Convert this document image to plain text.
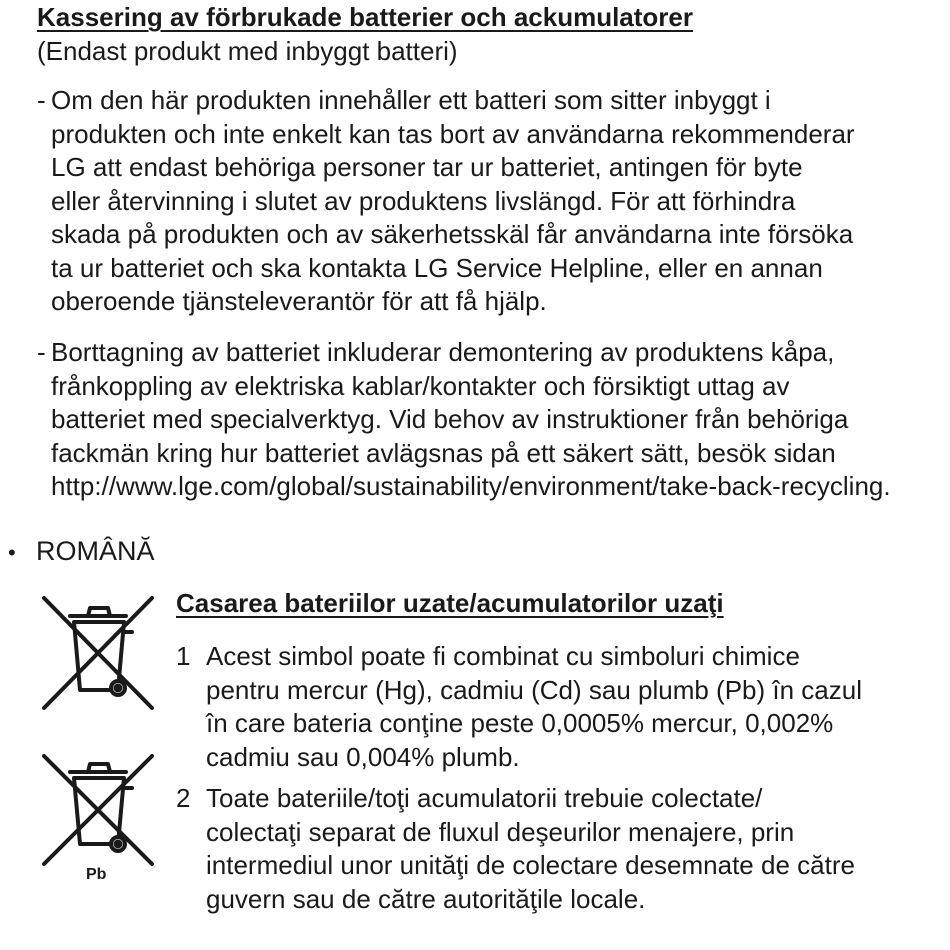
Kassering av förbrukade batterier och ackumulatorer
(Endast produkt med inbyggt batteri)
- Om den här produkten innehåller ett batteri som sitter inbyggt i
produkten och inte enkelt kan tas bort av användarna rekommenderar
LG att endast behöriga personer tar ur batteriet, antingen för byte
eller återvinning i slutet av produktens livslängd. För att förhindra
skada på produkten och av säkerhetsskäl får användarna inte försöka
ta ur batteriet och ska kontakta LG Service Helpline, eller en annan
oberoende tjänsteleverantör för att få hjälp.
- Borttagning av batteriet inkluderar demontering av produktens kåpa,
frånkoppling av elektriska kablar/kontakter och försiktigt uttag av
batteriet med specialverktyg. Vid behov av instruktioner från behöriga
fackmän kring hur batteriet avlägsnas på ett säkert sätt, besök sidan
http://www.lge.com/global/sustainability/environment/take-back-recycling.
• ROMÂNĂ
Pb
Casarea bateriilor uzate/acumulatorilor uzaţi
1 Acest simbol poate fi combinat cu simboluri chimice
pentru mercur (Hg), cadmiu (Cd) sau plumb (Pb) în cazul
în care bateria conţine peste 0,0005% mercur, 0,002%
cadmiu sau 0,004% plumb.
2 Toate bateriile/toţi acumulatorii trebuie colectate/
colectaţi separat de fluxul deşeurilor menajere, prin
intermediul unor unităţi de colectare desemnate de către
guvern sau de către autorităţile locale.
